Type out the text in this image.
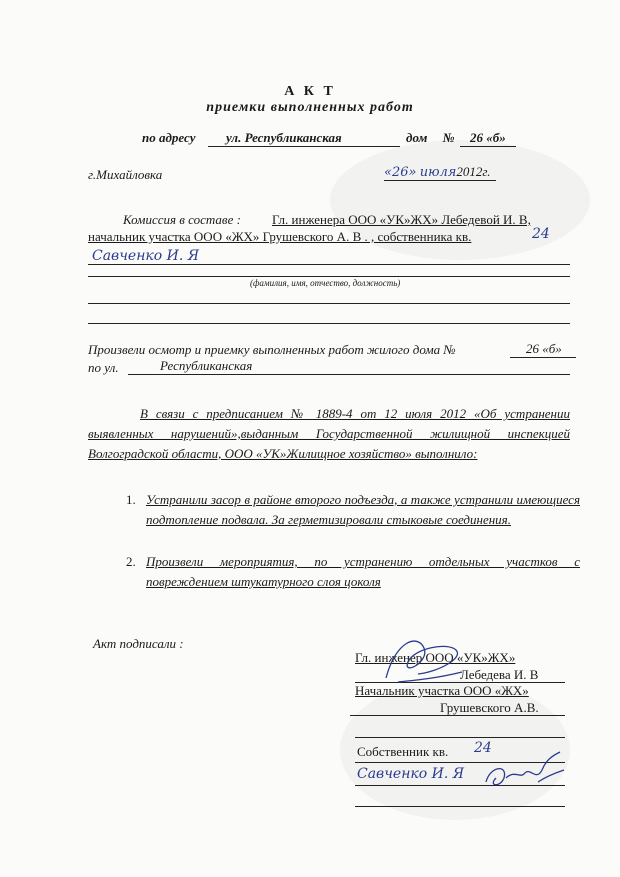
А К Т
приемки выполненных работ
по адресу ул. Республиканская	дом № 26 «б»
г.Михайловка	«26» июля2012г.
Комиссия в составе : Гл. инженера ООО «УК»ЖХ» Лебедевой И. В,
начальник участка ООО «ЖХ» Грушевского А. В . , собственника кв.	24
Савченко И. Я
(фамилия, имя, отчество, должность)
Произвели осмотр и приемку выполненных работ жилого дома №	26 «б»
по ул.	Республиканская
В связи с предписанием № 1889-4 от 12 июля 2012 «Об устранении выявленных нарушений»,выданным Государственной жилищной инспекцией Волгоградской области, ООО «УК»Жилищное хозяйство» выполнило:
1. Устранили засор в районе второго подъезда, а также устранили имеющиеся подтопление подвала. За герметизировали стыковые соединения.
2. Произвели мероприятия, по устранению отдельных участков с повреждением штукатурного слоя цоколя
Акт подписали :
Гл. инженер ООО «УК»ЖХ»
Лебедева И. В
Начальник участка ООО «ЖХ»
Грушевского А.В.
Собственник кв. 24
Савченко И. Я
